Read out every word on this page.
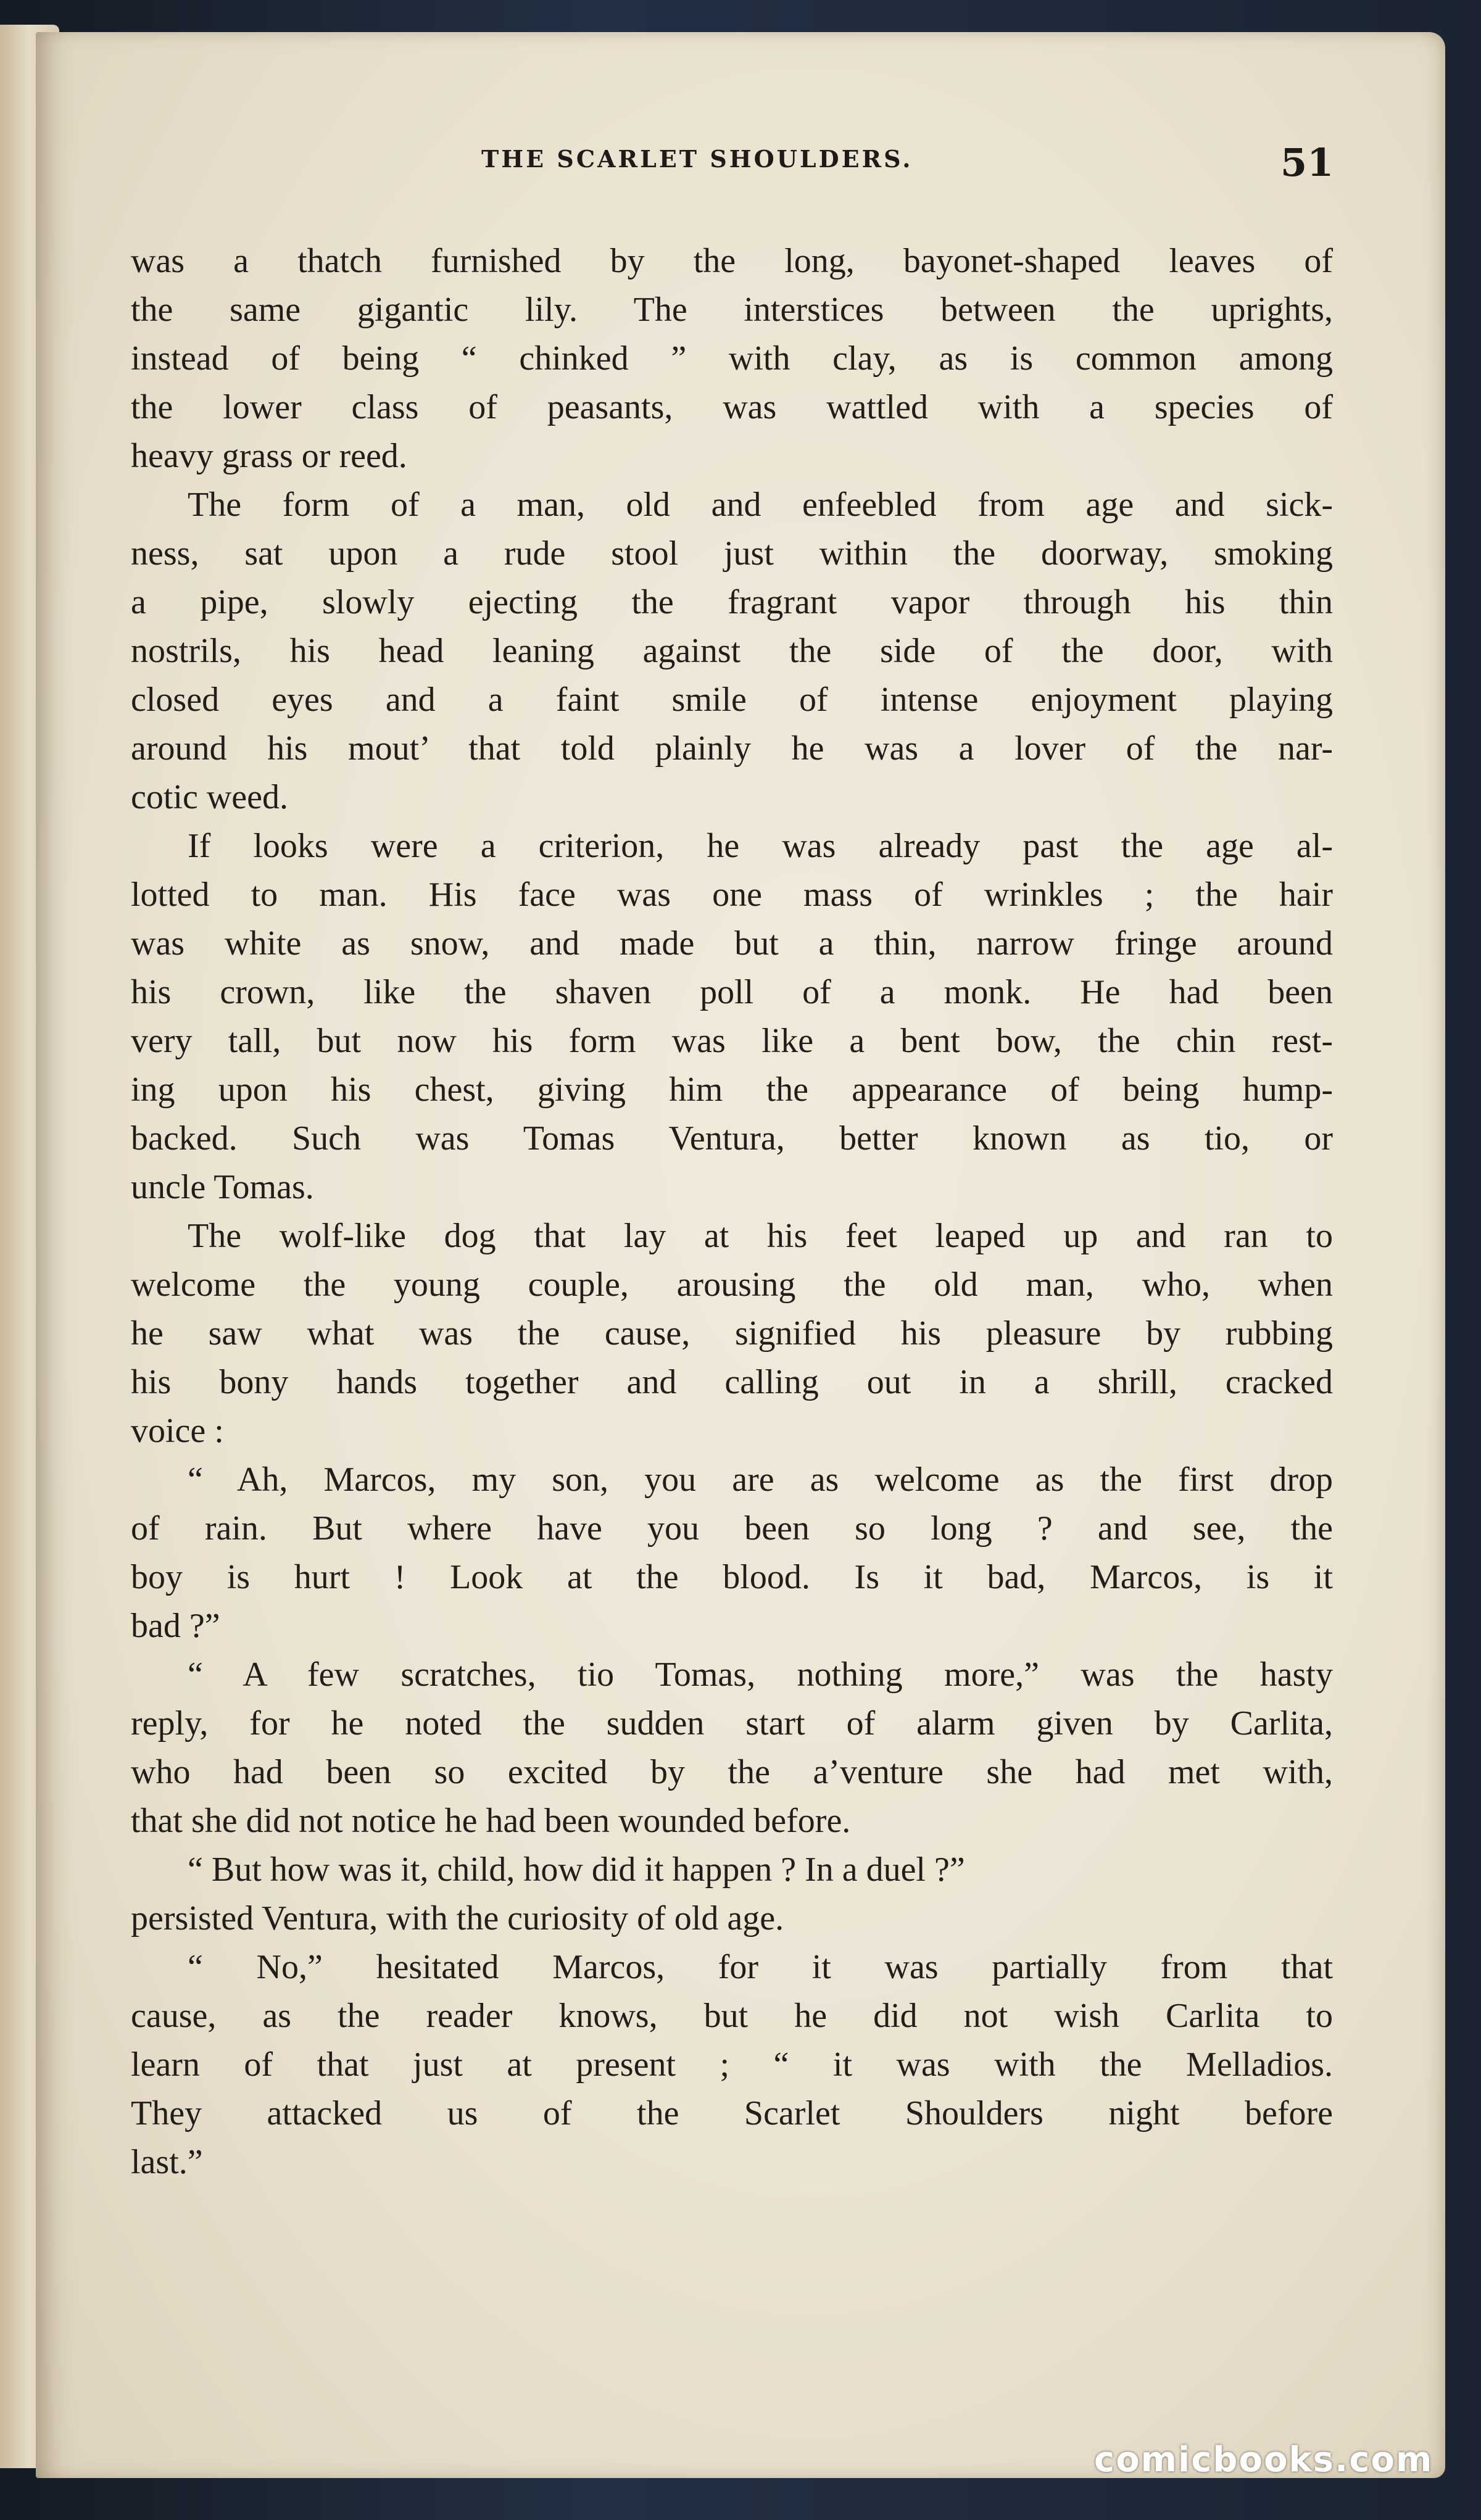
THE SCARLET SHOULDERS.	51
was a thatch furnished by the long, bayonet-shaped leaves of
the same gigantic lily. The interstices between the uprights,
instead of being “ chinked ” with clay, as is common among
the lower class of peasants, was wattled with a species of
heavy grass or reed.
The form of a man, old and enfeebled from age and sick-
ness, sat upon a rude stool just within the doorway, smoking
a pipe, slowly ejecting the fragrant vapor through his thin
nostrils, his head leaning against the side of the door, with
closed eyes and a faint smile of intense enjoyment playing
around his mout’ that told plainly he was a lover of the nar-
cotic weed.
If looks were a criterion, he was already past the age al-
lotted to man. His face was one mass of wrinkles ; the hair
was white as snow, and made but a thin, narrow fringe around
his crown, like the shaven poll of a monk. He had been
very tall, but now his form was like a bent bow, the chin rest-
ing upon his chest, giving him the appearance of being hump-
backed. Such was Tomas Ventura, better known as tio, or
uncle Tomas.
The wolf-like dog that lay at his feet leaped up and ran to
welcome the young couple, arousing the old man, who, when
he saw what was the cause, signified his pleasure by rubbing
his bony hands together and calling out in a shrill, cracked
voice :
“ Ah, Marcos, my son, you are as welcome as the first drop
of rain. But where have you been so long ? and see, the
boy is hurt ! Look at the blood. Is it bad, Marcos, is it
bad ?”
“ A few scratches, tio Tomas, nothing more,” was the hasty
reply, for he noted the sudden start of alarm given by Carlita,
who had been so excited by the a’venture she had met with,
that she did not notice he had been wounded before.
“ But how was it, child, how did it happen ? In a duel ?”
persisted Ventura, with the curiosity of old age.
“ No,” hesitated Marcos, for it was partially from that
cause, as the reader knows, but he did not wish Carlita to
learn of that just at present ; “ it was with the Melladios.
They attacked us of the Scarlet Shoulders night before
last.”
comicbooks.com
